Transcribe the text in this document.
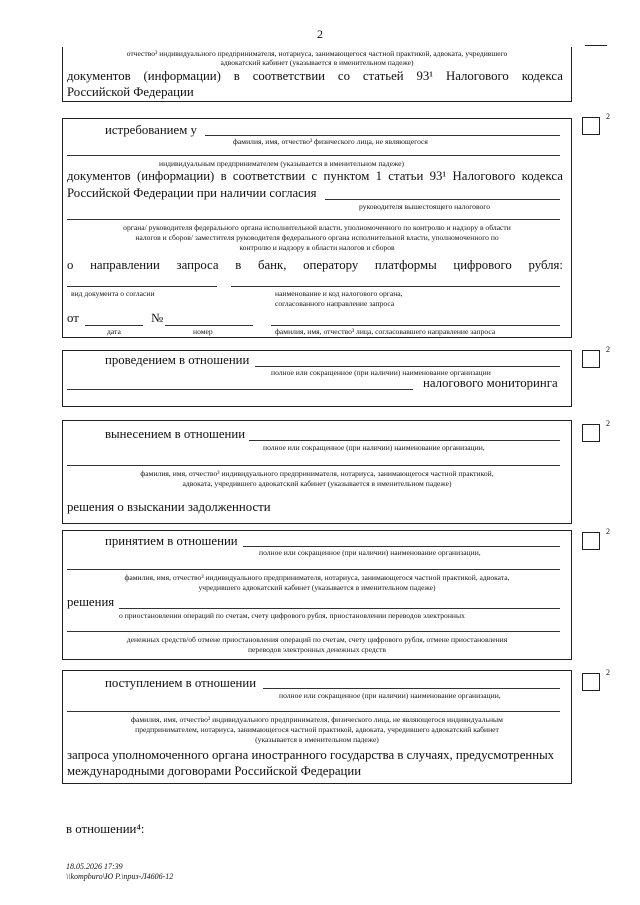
2
отчество³ индивидуального предпринимателя, нотариуса, занимающегося частной практикой, адвоката, учредившего
адвокатский кабинет (указывается в именительном падеже)
документов (информации) в соответствии со статьей 93¹ Налогового кодекса
Российской Федерации
2
истребованием у
фамилия, имя, отчество³ физического лица, не являющегося
индивидуальным предпринимателем (указывается в именительном падеже)
документов (информации) в соответствии с пунктом 1 статьи 93¹ Налогового кодекса
Российской Федерации при наличии согласия
руководителя вышестоящего налогового
органа/ руководителя федерального органа исполнительной власти, уполномоченного по контролю и надзору в области
налогов и сборов/ заместителя руководителя федерального органа исполнительной власти, уполномоченного по
контролю и надзору в области налогов и сборов
о направлении запроса в банк, оператору платформы цифрового рубля:
вид документа о согласии	наименование и код налогового органа,
согласованного направление запроса
от	№
дата	номер	фамилия, имя, отчество³ лица, согласовавшего направление запроса
2
проведением в отношении
полное или сокращенное (при наличии) наименование организации
налогового мониторинга
2
вынесением в отношении
полное или сокращенное (при наличии) наименование организации,
фамилия, имя, отчество³ индивидуального предпринимателя, нотариуса, занимающегося частной практикой,
адвоката, учредившего адвокатский кабинет (указывается в именительном падеже)
решения о взыскании задолженности
2
принятием в отношении
полное или сокращенное (при наличии) наименование организации,
фамилия, имя, отчество³ индивидуального предпринимателя, нотариуса, занимающегося частной практикой, адвоката,
учредившего адвокатский кабинет (указывается в именительном падеже)
решения
о приостановлении операций по счетам, счету цифрового рубля, приостановлении переводов электронных
денежных средств/об отмене приостановления операций по счетам, счету цифрового рубля, отмене приостановления
переводов электронных денежных средств
2
поступлением в отношении
полное или сокращенное (при наличии) наименование организации,
фамилия, имя, отчество³ индивидуального предпринимателя, физического лица, не являющегося индивидуальным
предпринимателем, нотариуса, занимающегося частной практикой, адвоката, учредившего адвокатский кабинет
(указывается в именительном падеже)
запроса уполномоченного органа иностранного государства в случаях, предусмотренных
международными договорами Российской Федерации
в отношении⁴:
18.05.2026 17:39
\\kompburo\Ю Р.\приз-Л4606-12
